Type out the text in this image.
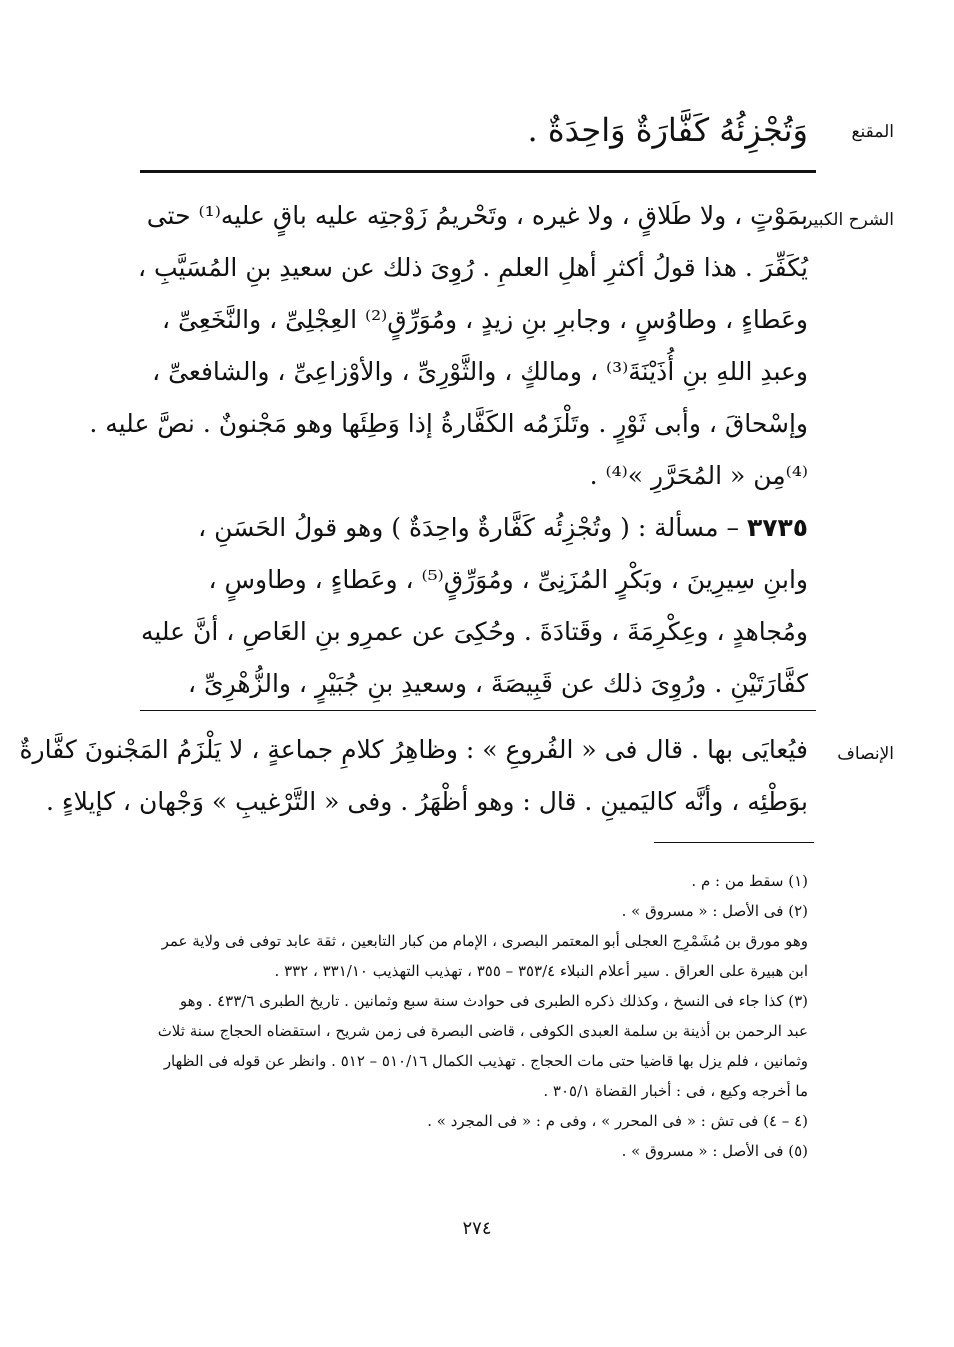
المقنع
وَتُجْزِئُهُ كَفَّارَةٌ وَاحِدَةٌ .
الشرح الكبير
بمَوْتٍ ، ولا طَلاقٍ ، ولا غيره ، وتَحْريمُ زَوْجتِه عليه باقٍ عليه⁽¹⁾ حتى
يُكَفِّرَ . هذا قولُ أكثرِ أهلِ العلمِ . رُوِىَ ذلك عن سعيدِ بنِ المُسَيَّبِ ،
وعَطاءٍ ، وطاوُسٍ ، وجابرِ بنِ زيدٍ ، ومُوَرِّقٍ⁽²⁾ العِجْلِىِّ ، والنَّخَعِىِّ ،
وعبدِ اللهِ بنِ أُذَيْنَةَ⁽³⁾ ، ومالكٍ ، والثَّوْرِىِّ ، والأوْزاعِىِّ ، والشافعىِّ ،
وإسْحاقَ ، وأبى ثَوْرٍ . وتَلْزَمُه الكَفَّارةُ إذا وَطِئَها وهو مَجْنونٌ . نصَّ عليه .
⁽⁴⁾مِن « المُحَرَّرِ »⁽⁴⁾ .
٣٧٣٥ – مسألة : ( وتُجْزِئُه كَفَّارةٌ واحِدَةٌ ) وهو قولُ الحَسَنِ ،
وابنِ سِيرِينَ ، وبَكْرٍ المُزَنِىِّ ، ومُوَرِّقٍ⁽⁵⁾ ، وعَطاءٍ ، وطاوسٍ ،
ومُجاهدٍ ، وعِكْرِمَةَ ، وقَتادَةَ . وحُكِىَ عن عمرِو بنِ العَاصِ ، أنَّ عليه
كفَّارَتَيْنِ . ورُوِىَ ذلك عن قَبِيصَةَ ، وسعيدِ بنِ جُبَيْرٍ ، والزُّهْرِىِّ ،
الإنصاف
فيُعايَى بها . قال فى « الفُروعِ » : وظاهِرُ كلامِ جماعةٍ ، لا يَلْزَمُ المَجْنونَ كفَّارةٌ
بوَطْئِه ، وأنَّه كاليَمينِ . قال : وهو أظْهَرُ . وفى « التَّرْغيبِ » وَجْهان ، كإيلاءٍ .
(١) سقط من : م .
(٢) فى الأصل : « مسروق » .
وهو مورق بن مُشَمْرِج العجلى أبو المعتمر البصرى ، الإمام من كبار التابعين ، ثقة عابد توفى فى ولاية عمر
ابن هبيرة على العراق . سير أعلام النبلاء ٣٥٣/٤ – ٣٥٥ ، تهذيب التهذيب ٣٣١/١٠ ، ٣٣٢ .
(٣) كذا جاء فى النسخ ، وكذلك ذكره الطبرى فى حوادث سنة سبع وثمانين . تاريخ الطبرى ٤٣٣/٦ . وهو
عبد الرحمن بن أذينة بن سلمة العبدى الكوفى ، قاضى البصرة فى زمن شريح ، استقضاه الحجاج سنة ثلاث
وثمانين ، فلم يزل بها قاضيا حتى مات الحجاج . تهذيب الكمال ٥١٠/١٦ – ٥١٢ . وانظر عن قوله فى الظهار
ما أخرجه وكيع ، فى : أخبار القضاة ٣٠٥/١ .
(٤ – ٤) فى تش : « فى المحرر » ، وفى م : « فى المجرد » .
(٥) فى الأصل : « مسروق » .
٢٧٤
